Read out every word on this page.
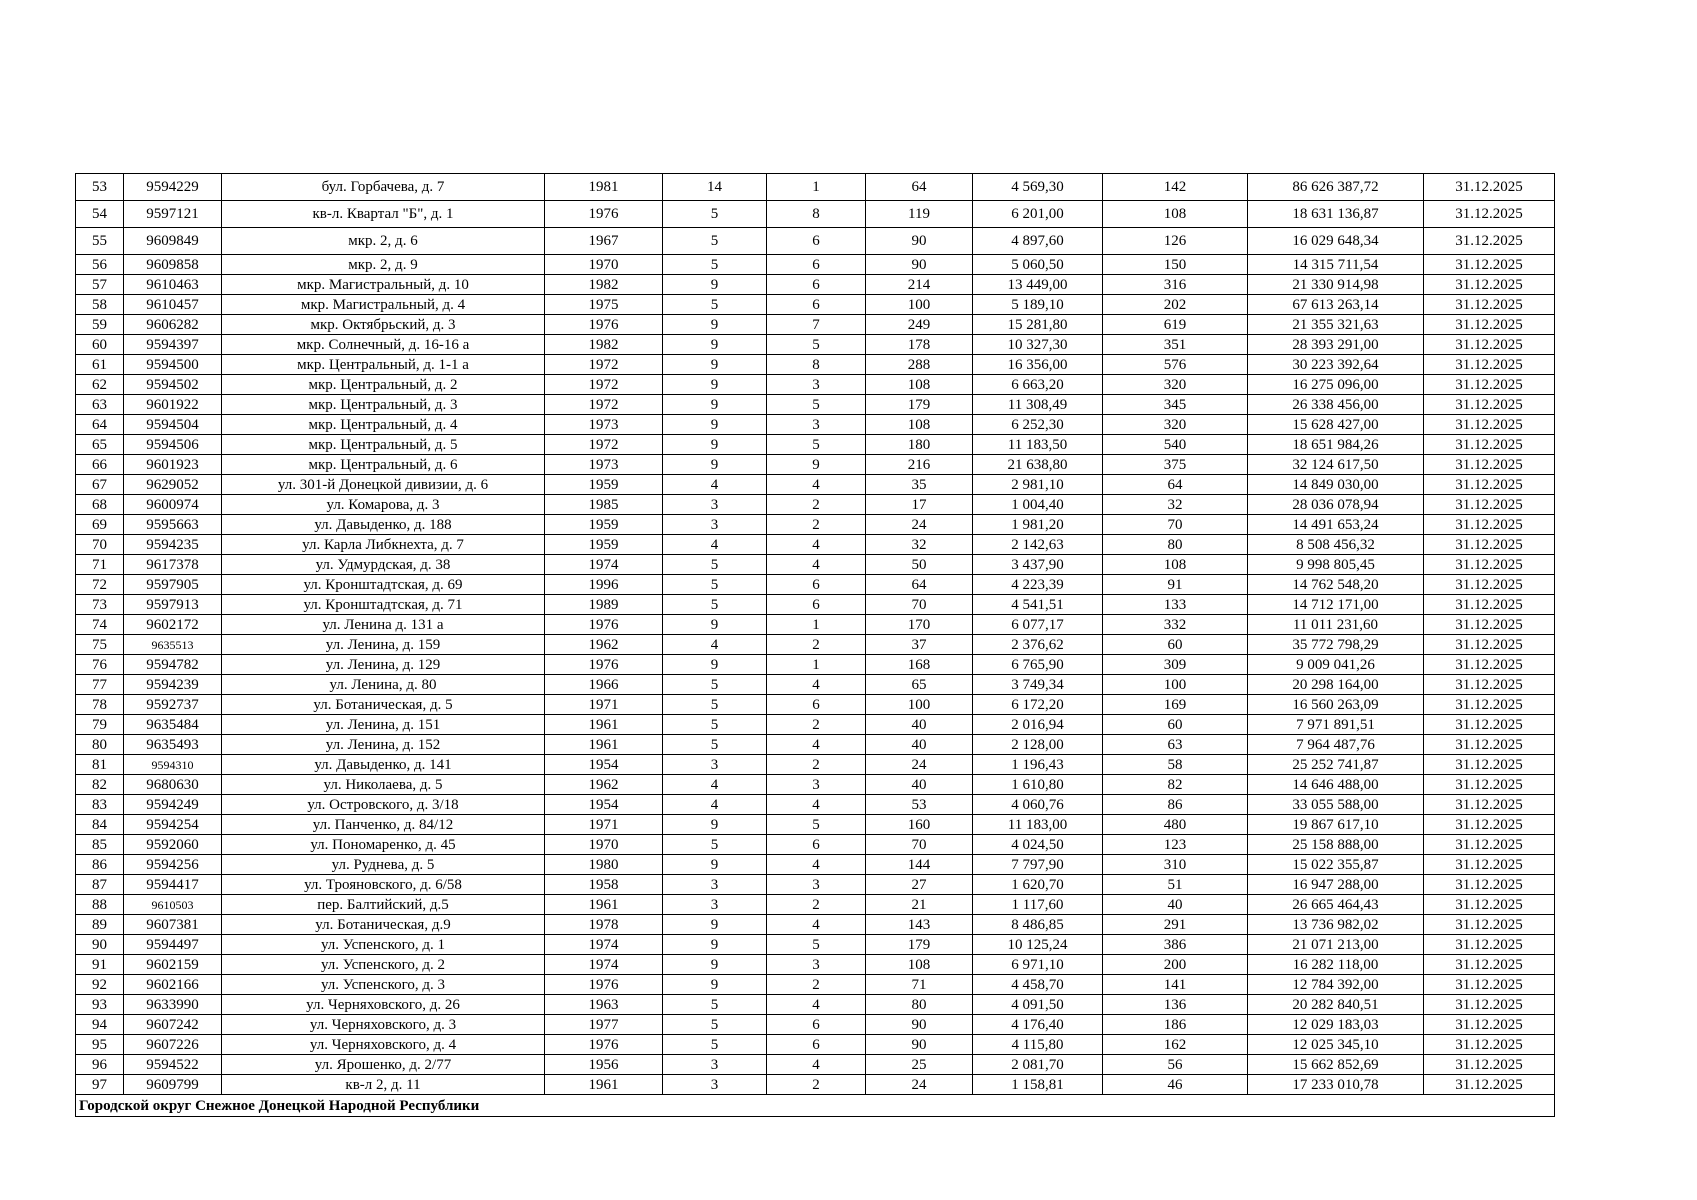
53	9594229	бул. Горбачева, д. 7	1981	14	1	64	4 569,30	142	86 626 387,72	31.12.2025
54	9597121	кв-л. Квартал "Б", д. 1	1976	5	8	119	6 201,00	108	18 631 136,87	31.12.2025
55	9609849	мкр. 2, д. 6	1967	5	6	90	4 897,60	126	16 029 648,34	31.12.2025
56	9609858	мкр. 2, д. 9	1970	5	6	90	5 060,50	150	14 315 711,54	31.12.2025
57	9610463	мкр. Магистральный, д. 10	1982	9	6	214	13 449,00	316	21 330 914,98	31.12.2025
58	9610457	мкр. Магистральный, д. 4	1975	5	6	100	5 189,10	202	67 613 263,14	31.12.2025
59	9606282	мкр. Октябрьский, д. 3	1976	9	7	249	15 281,80	619	21 355 321,63	31.12.2025
60	9594397	мкр. Солнечный, д. 16-16 а	1982	9	5	178	10 327,30	351	28 393 291,00	31.12.2025
61	9594500	мкр. Центральный, д. 1-1 а	1972	9	8	288	16 356,00	576	30 223 392,64	31.12.2025
62	9594502	мкр. Центральный, д. 2	1972	9	3	108	6 663,20	320	16 275 096,00	31.12.2025
63	9601922	мкр. Центральный, д. 3	1972	9	5	179	11 308,49	345	26 338 456,00	31.12.2025
64	9594504	мкр. Центральный, д. 4	1973	9	3	108	6 252,30	320	15 628 427,00	31.12.2025
65	9594506	мкр. Центральный, д. 5	1972	9	5	180	11 183,50	540	18 651 984,26	31.12.2025
66	9601923	мкр. Центральный, д. 6	1973	9	9	216	21 638,80	375	32 124 617,50	31.12.2025
67	9629052	ул. 301-й Донецкой дивизии, д. 6	1959	4	4	35	2 981,10	64	14 849 030,00	31.12.2025
68	9600974	ул. Комарова, д. 3	1985	3	2	17	1 004,40	32	28 036 078,94	31.12.2025
69	9595663	ул. Давыденко, д. 188	1959	3	2	24	1 981,20	70	14 491 653,24	31.12.2025
70	9594235	ул. Карла Либкнехта, д. 7	1959	4	4	32	2 142,63	80	8 508 456,32	31.12.2025
71	9617378	ул. Удмурдская, д. 38	1974	5	4	50	3 437,90	108	9 998 805,45	31.12.2025
72	9597905	ул. Кронштадтская, д. 69	1996	5	6	64	4 223,39	91	14 762 548,20	31.12.2025
73	9597913	ул. Кронштадтская, д. 71	1989	5	6	70	4 541,51	133	14 712 171,00	31.12.2025
74	9602172	ул. Ленина д. 131 а	1976	9	1	170	6 077,17	332	11 011 231,60	31.12.2025
75	9635513	ул. Ленина, д. 159	1962	4	2	37	2 376,62	60	35 772 798,29	31.12.2025
76	9594782	ул. Ленина, д. 129	1976	9	1	168	6 765,90	309	9 009 041,26	31.12.2025
77	9594239	ул. Ленина, д. 80	1966	5	4	65	3 749,34	100	20 298 164,00	31.12.2025
78	9592737	ул. Ботаническая, д. 5	1971	5	6	100	6 172,20	169	16 560 263,09	31.12.2025
79	9635484	ул. Ленина, д. 151	1961	5	2	40	2 016,94	60	7 971 891,51	31.12.2025
80	9635493	ул. Ленина, д. 152	1961	5	4	40	2 128,00	63	7 964 487,76	31.12.2025
81	9594310	ул. Давыденко, д. 141	1954	3	2	24	1 196,43	58	25 252 741,87	31.12.2025
82	9680630	ул. Николаева, д. 5	1962	4	3	40	1 610,80	82	14 646 488,00	31.12.2025
83	9594249	ул. Островского, д. 3/18	1954	4	4	53	4 060,76	86	33 055 588,00	31.12.2025
84	9594254	ул. Панченко, д. 84/12	1971	9	5	160	11 183,00	480	19 867 617,10	31.12.2025
85	9592060	ул. Пономаренко, д. 45	1970	5	6	70	4 024,50	123	25 158 888,00	31.12.2025
86	9594256	ул. Руднева, д. 5	1980	9	4	144	7 797,90	310	15 022 355,87	31.12.2025
87	9594417	ул. Трояновского, д. 6/58	1958	3	3	27	1 620,70	51	16 947 288,00	31.12.2025
88	9610503	пер. Балтийский, д.5	1961	3	2	21	1 117,60	40	26 665 464,43	31.12.2025
89	9607381	ул. Ботаническая, д.9	1978	9	4	143	8 486,85	291	13 736 982,02	31.12.2025
90	9594497	ул. Успенского, д. 1	1974	9	5	179	10 125,24	386	21 071 213,00	31.12.2025
91	9602159	ул. Успенского, д. 2	1974	9	3	108	6 971,10	200	16 282 118,00	31.12.2025
92	9602166	ул. Успенского, д. 3	1976	9	2	71	4 458,70	141	12 784 392,00	31.12.2025
93	9633990	ул. Черняховского, д. 26	1963	5	4	80	4 091,50	136	20 282 840,51	31.12.2025
94	9607242	ул. Черняховского, д. 3	1977	5	6	90	4 176,40	186	12 029 183,03	31.12.2025
95	9607226	ул. Черняховского, д. 4	1976	5	6	90	4 115,80	162	12 025 345,10	31.12.2025
96	9594522	ул. Ярошенко, д. 2/77	1956	3	4	25	2 081,70	56	15 662 852,69	31.12.2025
97	9609799	кв-л 2, д. 11	1961	3	2	24	1 158,81	46	17 233 010,78	31.12.2025
Городской округ Снежное Донецкой Народной Республики										
